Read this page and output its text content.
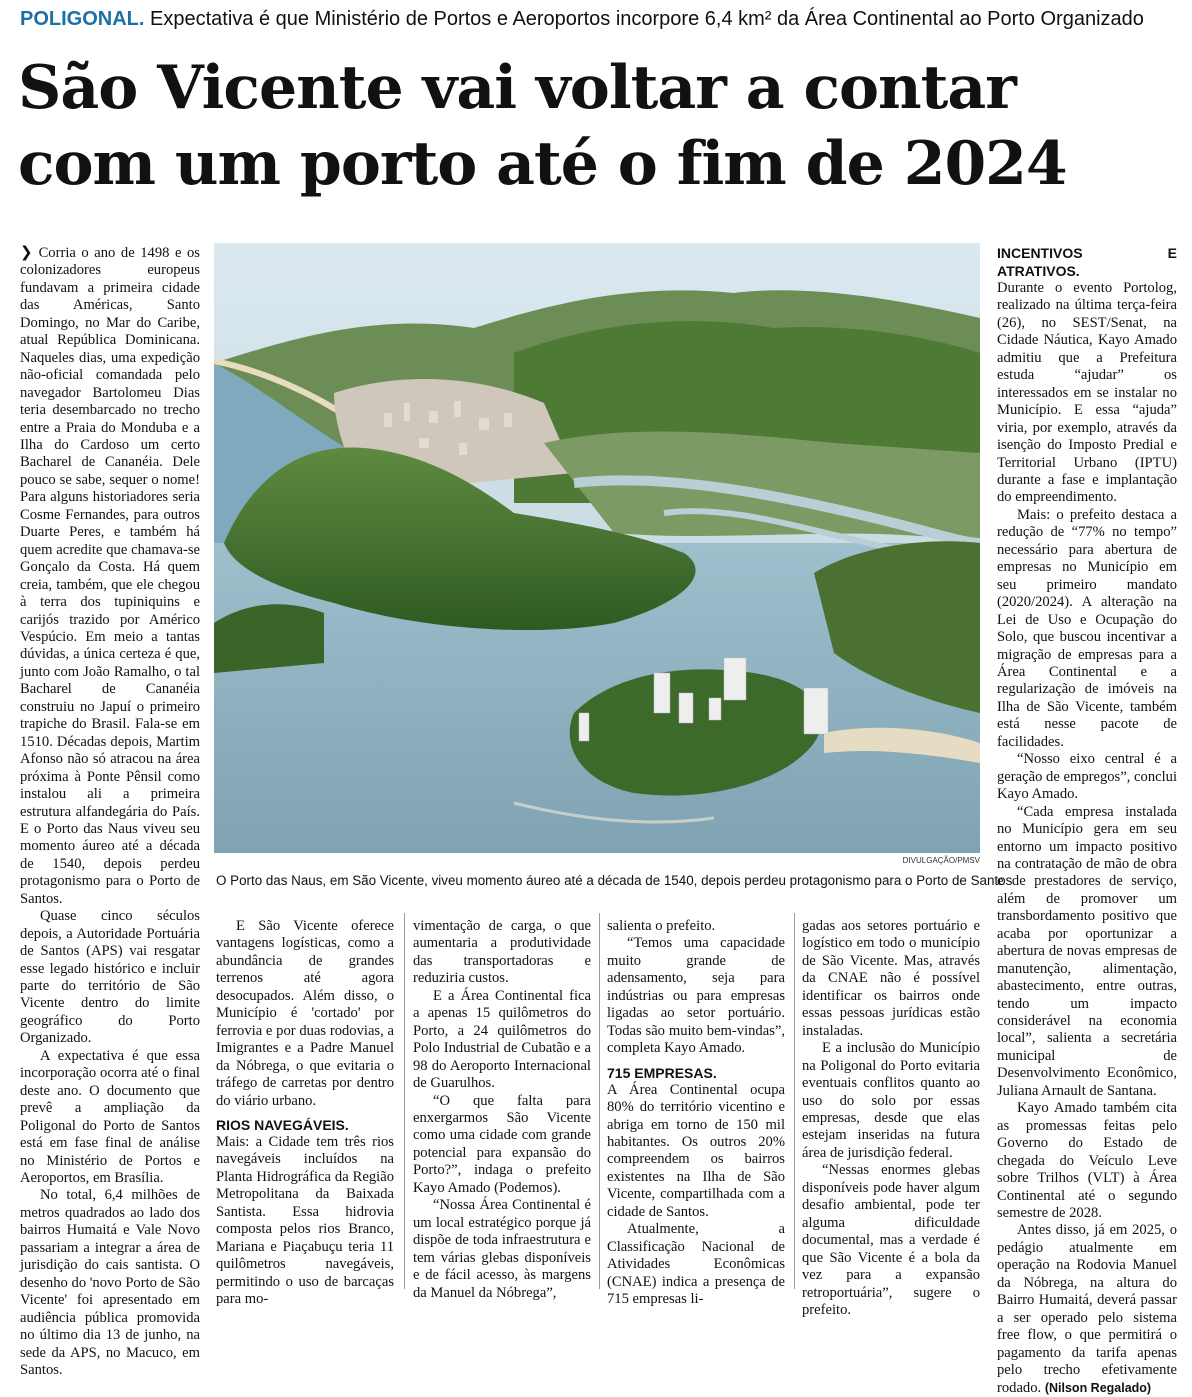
POLIGONAL. Expectativa é que Ministério de Portos e Aeroportos incorpore 6,4 km² da Área Continental ao Porto Organizado
São Vicente vai voltar a contar
com um porto até o fim de 2024

❯ Corria o ano de 1498 e os colonizadores europeus fundavam a primeira cidade das Américas, Santo Domingo, no Mar do Caribe, atual República Dominicana. Naqueles dias, uma expedição não-oficial comandada pelo navegador Bartolomeu Dias teria desembarcado no trecho entre a Praia do Monduba e a Ilha do Cardoso um certo Bacharel de Cananéia. Dele pouco se sabe, sequer o nome! Para alguns historiadores seria Cosme Fernandes, para outros Duarte Peres, e também há quem acredite que chamava-se Gonçalo da Costa. Há quem creia, também, que ele chegou à terra dos tupiniquins e carijós trazido por Américo Vespúcio. Em meio a tantas dúvidas, a única certeza é que, junto com João Ramalho, o tal Bacharel de Cananéia construiu no Japuí o primeiro trapiche do Brasil. Fala-se em 1510. Décadas depois, Martim Afonso não só atracou na área próxima à Ponte Pênsil como instalou ali a primeira estrutura alfandegária do País. E o Porto das Naus viveu seu momento áureo até a década de 1540, depois perdeu protagonismo para o Porto de Santos.

Quase cinco séculos depois, a Autoridade Portuária de Santos (APS) vai resgatar esse legado histórico e incluir parte do território de São Vicente dentro do limite geográfico do Porto Organizado.

A expectativa é que essa incorporação ocorra até o final deste ano. O documento que prevê a ampliação da Poligonal do Porto de Santos está em fase final de análise no Ministério de Portos e Aeroportos, em Brasília.

No total, 6,4 milhões de metros quadrados ao lado dos bairros Humaitá e Vale Novo passariam a integrar a área de jurisdição do cais santista. O desenho do 'novo Porto de São Vicente' foi apresentado em audiência pública promovida no último dia 13 de junho, na sede da APS, no Macuco, em Santos.

DIVULGAÇÃO/PMSV
O Porto das Naus, em São Vicente, viveu momento áureo até a década de 1540, depois perdeu protagonismo para o Porto de Santos

E São Vicente oferece vantagens logísticas, como a abundância de grandes terrenos até agora desocupados. Além disso, o Município é 'cortado' por ferrovia e por duas rodovias, a Imigrantes e a Padre Manuel da Nóbrega, o que evitaria o tráfego de carretas por dentro do viário urbano.

RIOS NAVEGÁVEIS.

Mais: a Cidade tem três rios navegáveis incluídos na Planta Hidrográfica da Região Metropolitana da Baixada Santista. Essa hidrovia composta pelos rios Branco, Mariana e Piaçabuçu teria 11 quilômetros navegáveis, permitindo o uso de barcaças para mo-

vimentação de carga, o que aumentaria a produtividade das transportadoras e reduziria custos.

E a Área Continental fica a apenas 15 quilômetros do Porto, a 24 quilômetros do Polo Industrial de Cubatão e a 98 do Aeroporto Internacional de Guarulhos.

“O que falta para enxergarmos São Vicente como uma cidade com grande potencial para expansão do Porto?”, indaga o prefeito Kayo Amado (Podemos).

“Nossa Área Continental é um local estratégico porque já dispõe de toda infraestrutura e tem várias glebas disponíveis e de fácil acesso, às margens da Manuel da Nóbrega”,

salienta o prefeito.

“Temos uma capacidade muito grande de adensamento, seja para indústrias ou para empresas ligadas ao setor portuário. Todas são muito bem-vindas”, completa Kayo Amado.

715 EMPRESAS.

A Área Continental ocupa 80% do território vicentino e abriga em torno de 150 mil habitantes. Os outros 20% compreendem os bairros existentes na Ilha de São Vicente, compartilhada com a cidade de Santos.

Atualmente, a Classificação Nacional de Atividades Econômicas (CNAE) indica a presença de 715 empresas li-

gadas aos setores portuário e logístico em todo o município de São Vicente. Mas, através da CNAE não é possível identificar os bairros onde essas pessoas jurídicas estão instaladas.

E a inclusão do Município na Poligonal do Porto evitaria eventuais conflitos quanto ao uso do solo por essas empresas, desde que elas estejam inseridas na futura área de jurisdição federal.

“Nessas enormes glebas disponíveis pode haver algum desafio ambiental, pode ter alguma dificuldade documental, mas a verdade é que São Vicente é a bola da vez para a expansão retroportuária”, sugere o prefeito.

INCENTIVOS E ATRATIVOS.

Durante o evento Portolog, realizado na última terça-feira (26), no SEST/Senat, na Cidade Náutica, Kayo Amado admitiu que a Prefeitura estuda “ajudar” os interessados em se instalar no Município. E essa “ajuda” viria, por exemplo, através da isenção do Imposto Predial e Territorial Urbano (IPTU) durante a fase e implantação do empreendimento.

Mais: o prefeito destaca a redução de “77% no tempo” necessário para abertura de empresas no Município em seu primeiro mandato (2020/2024). A alteração na Lei de Uso e Ocupação do Solo, que buscou incentivar a migração de empresas para a Área Continental e a regularização de imóveis na Ilha de São Vicente, também está nesse pacote de facilidades.

“Nosso eixo central é a geração de empregos”, conclui Kayo Amado.

“Cada empresa instalada no Município gera em seu entorno um impacto positivo na contratação de mão de obra e de prestadores de serviço, além de promover um transbordamento positivo que acaba por oportunizar a abertura de novas empresas de manutenção, alimentação, abastecimento, entre outras, tendo um impacto considerável na economia local”, salienta a secretária municipal de Desenvolvimento Econômico, Juliana Arnault de Santana.

Kayo Amado também cita as promessas feitas pelo Governo do Estado de chegada do Veículo Leve sobre Trilhos (VLT) à Área Continental até o segundo semestre de 2028.

Antes disso, já em 2025, o pedágio atualmente em operação na Rodovia Manuel da Nóbrega, na altura do Bairro Humaitá, deverá passar a ser operado pelo sistema free flow, o que permitirá o pagamento da tarifa apenas pelo trecho efetivamente rodado. (Nilson Regalado)
